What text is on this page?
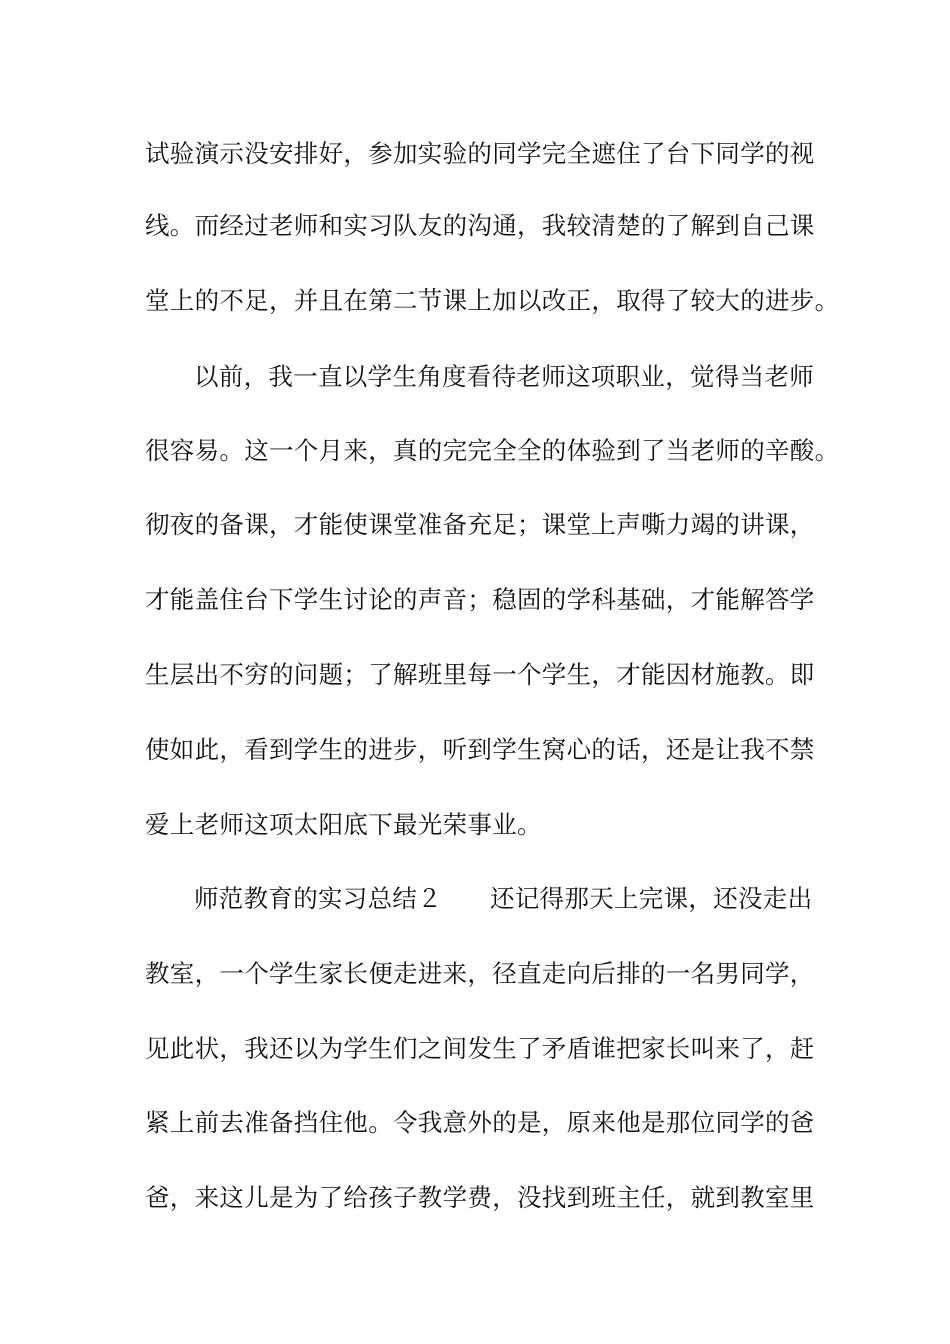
试验演示没安排好，参加实验的同学完全遮住了台下同学的视
线。而经过老师和实习队友的沟通，我较清楚的了解到自己课
堂上的不足，并且在第二节课上加以改正，取得了较大的进步。
以前，我一直以学生角度看待老师这项职业，觉得当老师
很容易。这一个月来，真的完完全全的体验到了当老师的辛酸。
彻夜的备课，才能使课堂准备充足；课堂上声嘶力竭的讲课，
才能盖住台下学生讨论的声音；稳固的学科基础，才能解答学
生层出不穷的问题；了解班里每一个学生，才能因材施教。即
使如此，看到学生的进步，听到学生窝心的话，还是让我不禁
爱上老师这项太阳底下最光荣事业。
师范教育的实习总结２ 还记得那天上完课，还没走出
教室，一个学生家长便走进来，径直走向后排的一名男同学，
见此状，我还以为学生们之间发生了矛盾谁把家长叫来了，赶
紧上前去准备挡住他。令我意外的是，原来他是那位同学的爸
爸，来这儿是为了给孩子教学费，没找到班主任，就到教室里
